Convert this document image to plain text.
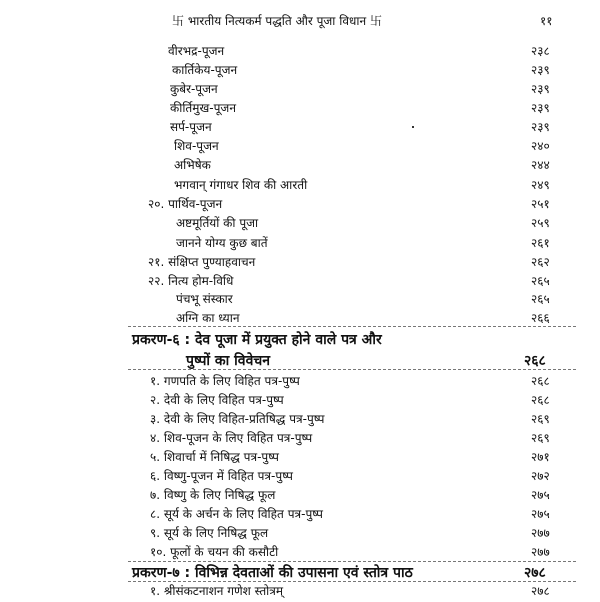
卐 भारतीय नित्यकर्म पद्धति और पूजा विधान 卐	११
वीरभद्र-पूजन	२३८
कार्तिकेय-पूजन	२३९
कुबेर-पूजन	२३९
कीर्तिमुख-पूजन	२३९
सर्प-पूजन	२३९
शिव-पूजन	२४०
अभिषेक	२४४
भगवान् गंगाधर शिव की आरती	२४९
२०. पार्थिव-पूजन	२५१
अष्टमूर्तियों की पूजा	२५९
जानने योग्य कुछ बातें	२६१
२१. संक्षिप्त पुण्याहवाचन	२६२
२२. नित्य होम-विधि	२६५
पंचभू संस्कार	२६५
अग्नि का ध्यान	२६६
प्रकरण-६ : देव पूजा में प्रयुक्त होने वाले पत्र और
पुष्पों का विवेचन	२६८
१. गणपति के लिए विहित पत्र-पुष्प	२६८
२. देवी के लिए विहित पत्र-पुष्प	२६८
३. देवी के लिए विहित-प्रतिषिद्ध पत्र-पुष्प	२६९
४. शिव-पूजन के लिए विहित पत्र-पुष्प	२६९
५. शिवार्चा में निषिद्ध पत्र-पुष्प	२७१
६. विष्णु-पूजन में विहित पत्र-पुष्प	२७२
७. विष्णु के लिए निषिद्ध फूल	२७५
८. सूर्य के अर्चन के लिए विहित पत्र-पुष्प	२७५
९. सूर्य के लिए निषिद्ध फूल	२७७
१०. फूलों के चयन की कसौटी	२७७
प्रकरण-७ : विभिन्न देवताओं की उपासना एवं स्तोत्र पाठ	२७८
१. श्रीसंकटनाशन गणेश स्तोत्रम्	२७८
